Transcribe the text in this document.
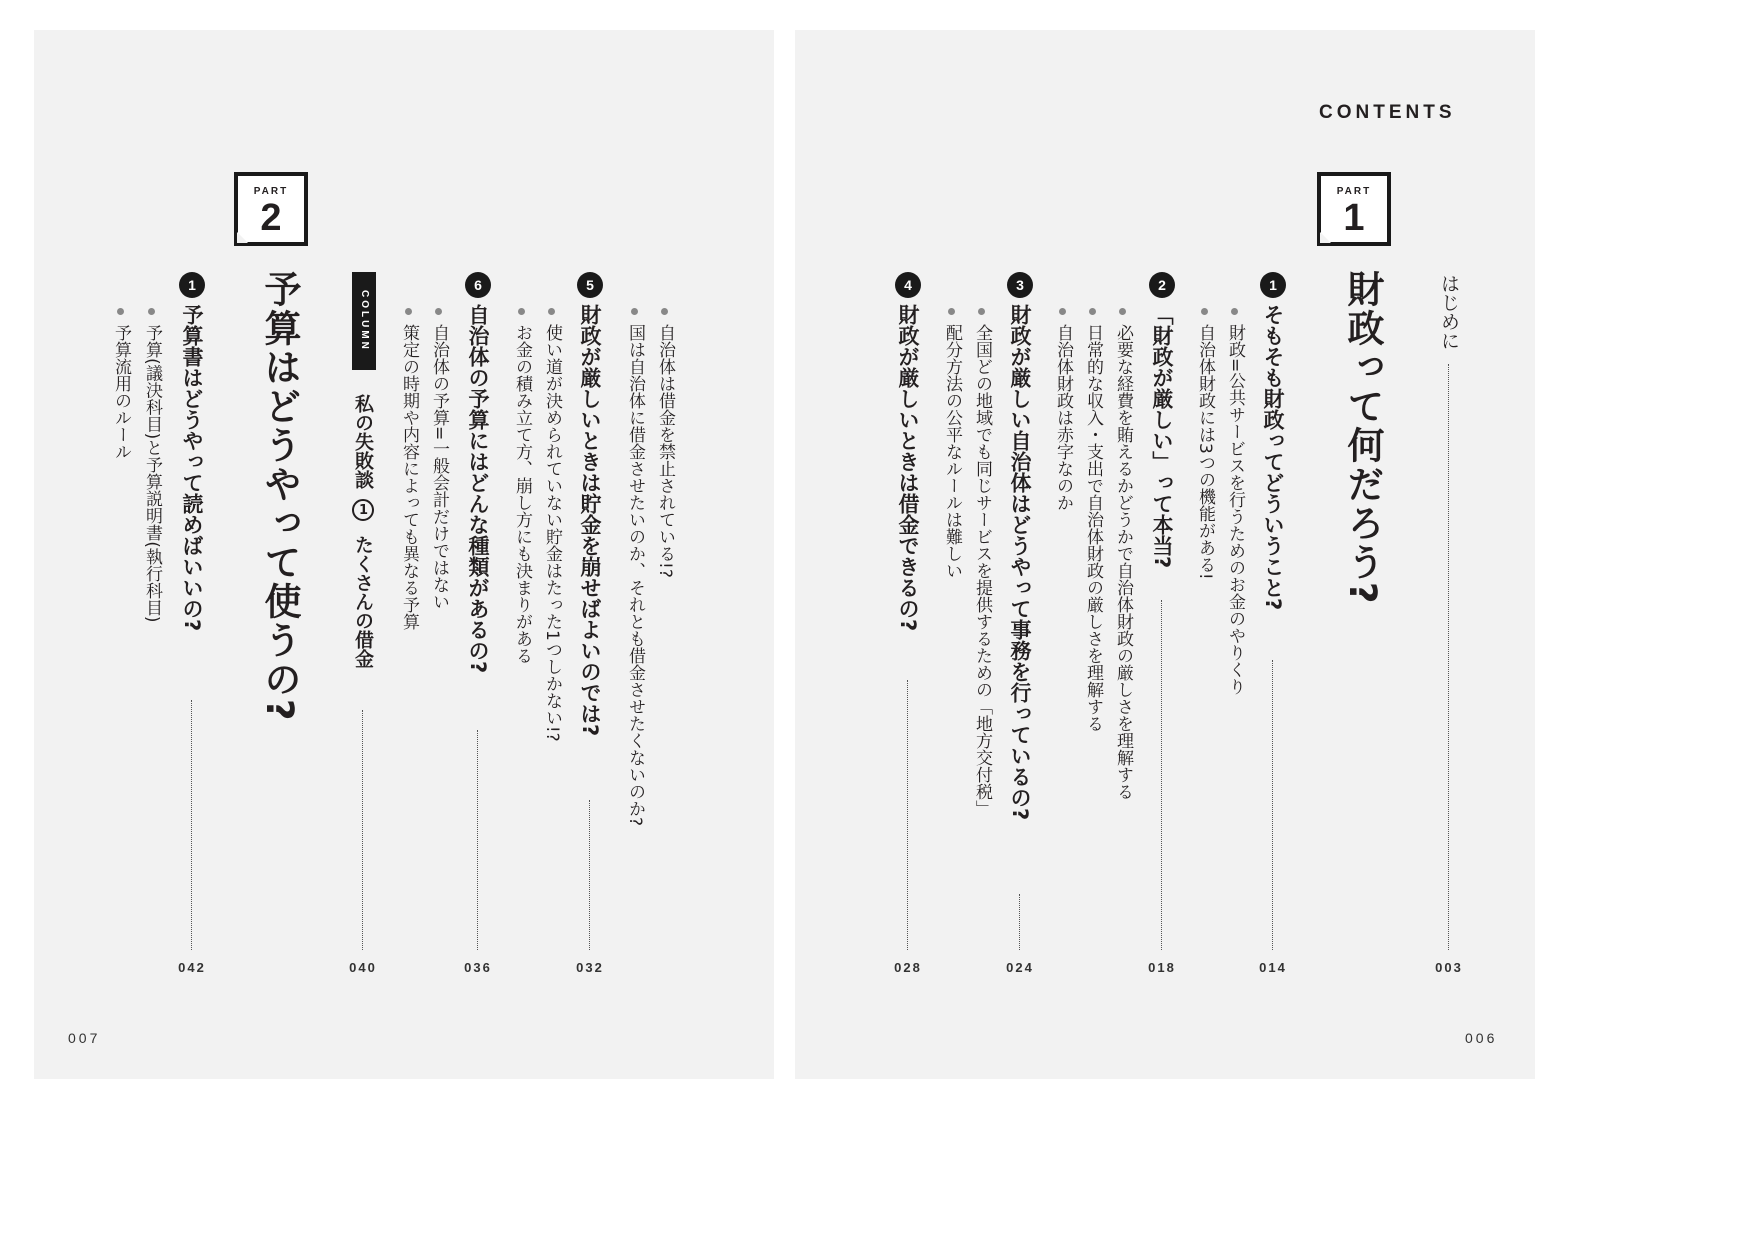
PART
2
予算はどうやって使うの?
1
予算書はどうやって読めばいいの?
042
予算(議決科目)と予算説明書(執行科目)
予算流用のルール
COLUMN
私の失敗談1たくさんの借金
040
6
自治体の予算にはどんな種類があるの?
036
自治体の予算=一般会計だけではない
策定の時期や内容によっても異なる予算
5
財政が厳しいときは貯金を崩せばよいのでは?
032
使い道が決められていない貯金はたった1つしかない!?
お金の積み立て方、崩し方にも決まりがある	自治体は借金を禁止されている!?
国は自治体に借金させたいのか、それとも借金させたくないのか?
007
CONTENTS
はじめに
003
PART
1
財政って何だろう?
1
そもそも財政ってどういうこと?
014
財政=公共サービスを行うためのお金のやりくり
自治体財政には3つの機能がある!
2
「財政が厳しい」って本当?
018
必要な経費を賄えるかどうかで自治体財政の厳しさを理解する
日常的な収入・支出で自治体財政の厳しさを理解する
自治体財政は赤字なのか
3
財政が厳しい自治体はどうやって事務を行っているの?
024
全国どの地域でも同じサービスを提供するための「地方交付税」
配分方法の公平なルールは難しい
4
財政が厳しいときは借金できるの?
028
006
